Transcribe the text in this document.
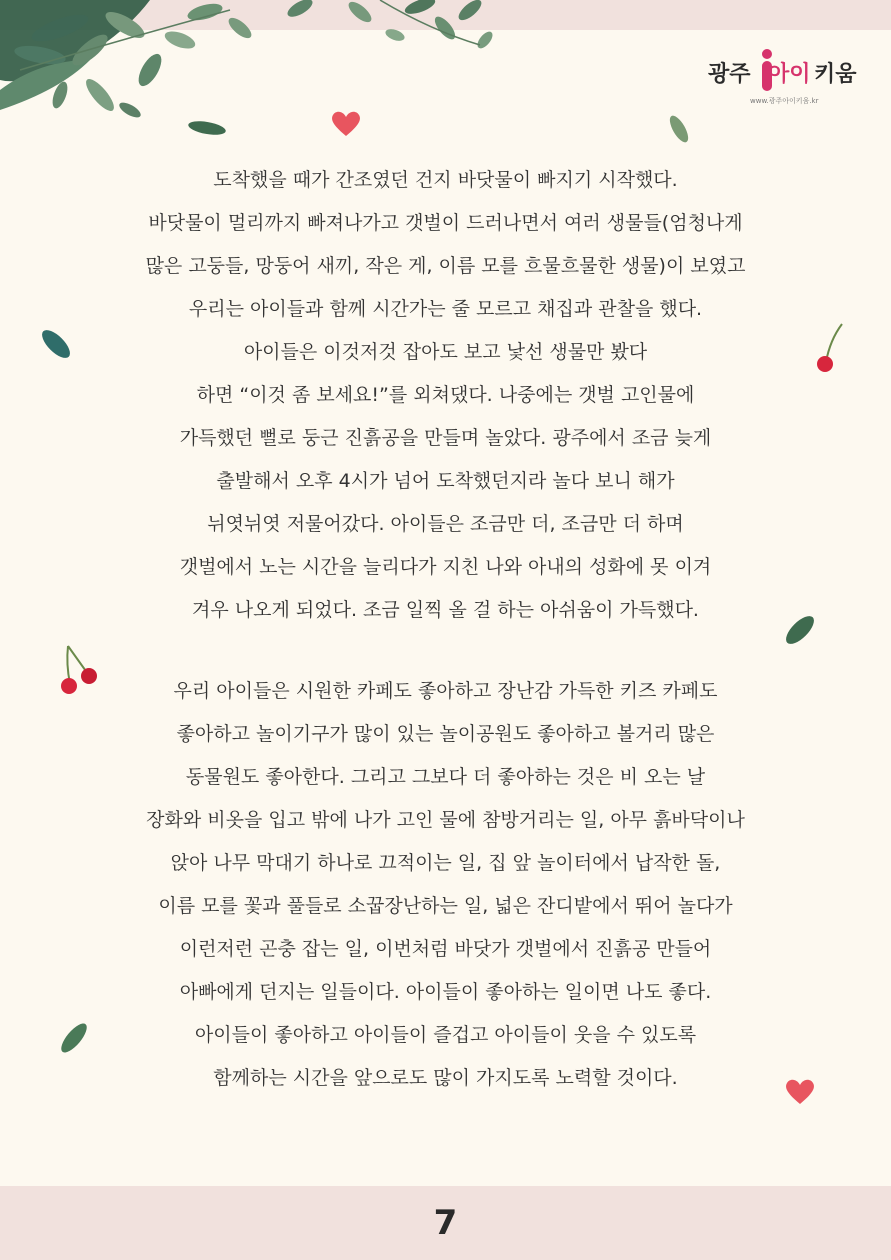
광주 아이 키움
www.광주아이키움.kr

도착했을 때가 간조였던 건지 바닷물이 빠지기 시작했다.

바닷물이 멀리까지 빠져나가고 갯벌이 드러나면서 여러 생물들(엄청나게

많은 고둥들, 망둥어 새끼, 작은 게, 이름 모를 흐물흐물한 생물)이 보였고

우리는 아이들과 함께 시간가는 줄 모르고 채집과 관찰을 했다.

아이들은 이것저것 잡아도 보고 낯선 생물만 봤다

하면 “이것 좀 보세요!”를 외쳐댔다. 나중에는 갯벌 고인물에

가득했던 뻘로 둥근 진흙공을 만들며 놀았다. 광주에서 조금 늦게

출발해서 오후 4시가 넘어 도착했던지라 놀다 보니 해가

뉘엿뉘엿 저물어갔다. 아이들은 조금만 더, 조금만 더 하며

갯벌에서 노는 시간을 늘리다가 지친 나와 아내의 성화에 못 이겨

겨우 나오게 되었다. 조금 일찍 올 걸 하는 아쉬움이 가득했다.

우리 아이들은 시원한 카페도 좋아하고 장난감 가득한 키즈 카페도

좋아하고 놀이기구가 많이 있는 놀이공원도 좋아하고 볼거리 많은

동물원도 좋아한다. 그리고 그보다 더 좋아하는 것은 비 오는 날

장화와 비옷을 입고 밖에 나가 고인 물에 참방거리는 일, 아무 흙바닥이나

앉아 나무 막대기 하나로 끄적이는 일, 집 앞 놀이터에서 납작한 돌,

이름 모를 꽃과 풀들로 소꿉장난하는 일, 넓은 잔디밭에서 뛰어 놀다가

이런저런 곤충 잡는 일, 이번처럼 바닷가 갯벌에서 진흙공 만들어

아빠에게 던지는 일들이다. 아이들이 좋아하는 일이면 나도 좋다.

아이들이 좋아하고 아이들이 즐겁고 아이들이 웃을 수 있도록

함께하는 시간을 앞으로도 많이 가지도록 노력할 것이다.

7
